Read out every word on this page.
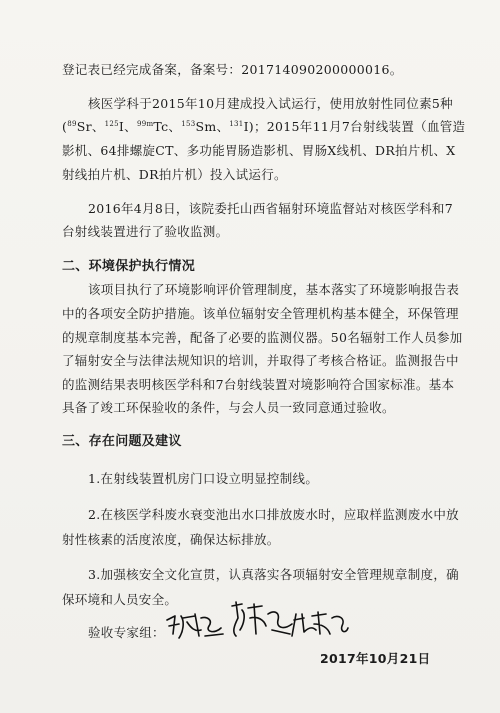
登记表已经完成备案，备案号：201714090200000016。
核医学科于2015年10月建成投入试运行，使用放射性同位素5种
($^{89}$Sr、$^{125}$I、$^{99m}$Tc、$^{153}$Sm、$^{131}$I)；2015年11月7台射线装置（血管造
影机、64排螺旋CT、多功能胃肠造影机、胃肠X线机、DR拍片机、X
射线拍片机、DR拍片机）投入试运行。
2016年4月8日，该院委托山西省辐射环境监督站对核医学科和7
台射线装置进行了验收监测。
二、环境保护执行情况
该项目执行了环境影响评价管理制度，基本落实了环境影响报告表
中的各项安全防护措施。该单位辐射安全管理机构基本健全，环保管理
的规章制度基本完善，配备了必要的监测仪器。50名辐射工作人员参加
了辐射安全与法律法规知识的培训，并取得了考核合格证。监测报告中
的监测结果表明核医学科和7台射线装置对境影响符合国家标准。基本
具备了竣工环保验收的条件，与会人员一致同意通过验收。
三、存在问题及建议
1.在射线装置机房门口设立明显控制线。
2.在核医学科废水衰变池出水口排放废水时，应取样监测废水中放
射性核素的活度浓度，确保达标排放。
3.加强核安全文化宣贯，认真落实各项辐射安全管理规章制度，确
保环境和人员安全。
验收专家组：
2017年10月21日
